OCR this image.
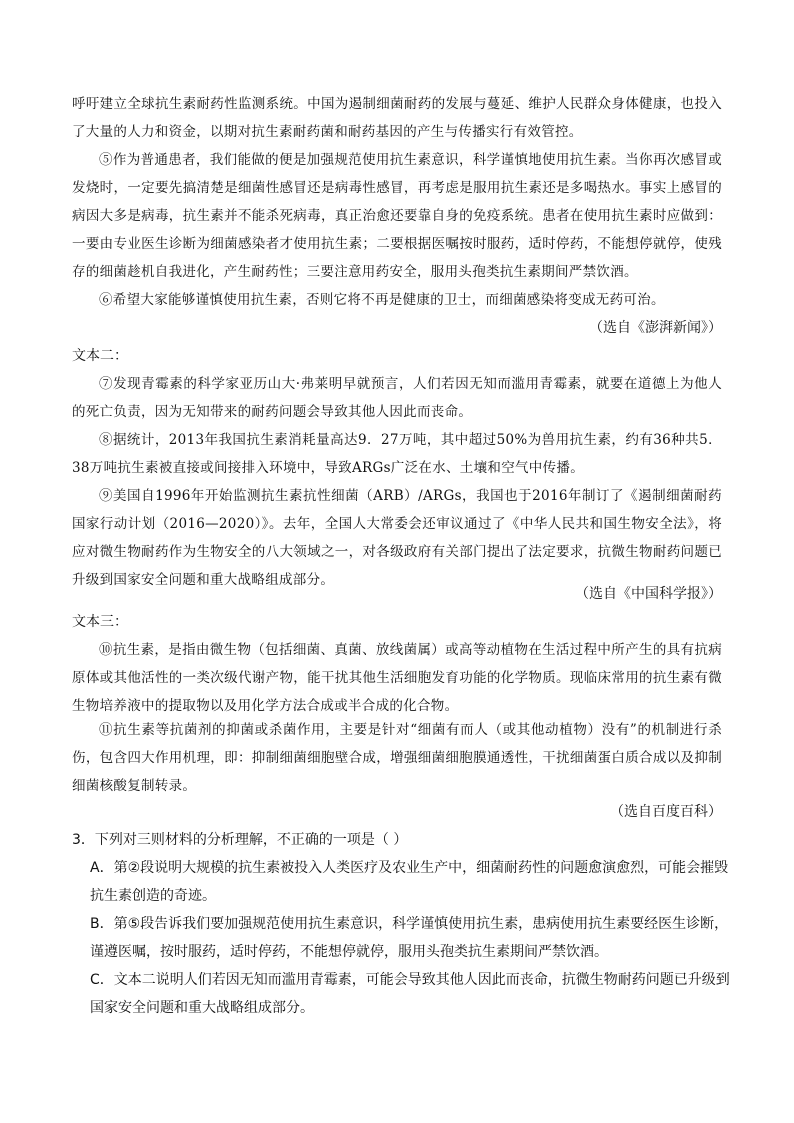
呼吁建立全球抗生素耐药性监测系统。中国为遏制细菌耐药的发展与蔓延、维护人民群众身体健康，也投入了大量的人力和资金，以期对抗生素耐药菌和耐药基因的产生与传播实行有效管控。

⑤作为普通患者，我们能做的便是加强规范使用抗生素意识，科学谨慎地使用抗生素。当你再次感冒或发烧时，一定要先搞清楚是细菌性感冒还是病毒性感冒，再考虑是服用抗生素还是多喝热水。事实上感冒的病因大多是病毒，抗生素并不能杀死病毒，真正治愈还要靠自身的免疫系统。患者在使用抗生素时应做到：一要由专业医生诊断为细菌感染者才使用抗生素；二要根据医嘱按时服药，适时停药，不能想停就停，使残存的细菌趁机自我进化，产生耐药性；三要注意用药安全，服用头孢类抗生素期间严禁饮酒。

⑥希望大家能够谨慎使用抗生素，否则它将不再是健康的卫士，而细菌感染将变成无药可治。

（选自《澎湃新闻》）
文本二：

⑦发现青霉素的科学家亚历山大·弗莱明早就预言，人们若因无知而滥用青霉素，就要在道德上为他人的死亡负责，因为无知带来的耐药问题会导致其他人因此而丧命。

⑧据统计，2013年我国抗生素消耗量高达9．27万吨，其中超过50%为兽用抗生素，约有36种共5．38万吨抗生素被直接或间接排入环境中，导致ARGs广泛在水、土壤和空气中传播。

⑨美国自1996年开始监测抗生素抗性细菌（ARB）/ARGs，我国也于2016年制订了《遏制细菌耐药国家行动计划（2016—2020）》。去年，全国人大常委会还审议通过了《中华人民共和国生物安全法》，将应对微生物耐药作为生物安全的八大领域之一，对各级政府有关部门提出了法定要求，抗微生物耐药问题已升级到国家安全问题和重大战略组成部分。

（选自《中国科学报》）
文本三：

⑩抗生素，是指由微生物（包括细菌、真菌、放线菌属）或高等动植物在生活过程中所产生的具有抗病原体或其他活性的一类次级代谢产物，能干扰其他生活细胞发育功能的化学物质。现临床常用的抗生素有微生物培养液中的提取物以及用化学方法合成或半合成的化合物。

⑪抗生素等抗菌剂的抑菌或杀菌作用，主要是针对“细菌有而人（或其他动植物）没有”的机制进行杀伤，包含四大作用机理，即：抑制细菌细胞壁合成，增强细菌细胞膜通透性，干扰细菌蛋白质合成以及抑制细菌核酸复制转录。

（选自百度百科）

3．下列对三则材料的分析理解，不正确的一项是（ ）

A．第②段说明大规模的抗生素被投入人类医疗及农业生产中，细菌耐药性的问题愈演愈烈，可能会摧毁抗生素创造的奇迹。

B．第⑤段告诉我们要加强规范使用抗生素意识，科学谨慎使用抗生素，患病使用抗生素要经医生诊断，谨遵医嘱，按时服药，适时停药，不能想停就停，服用头孢类抗生素期间严禁饮酒。

C．文本二说明人们若因无知而滥用青霉素，可能会导致其他人因此而丧命，抗微生物耐药问题已升级到国家安全问题和重大战略组成部分。
